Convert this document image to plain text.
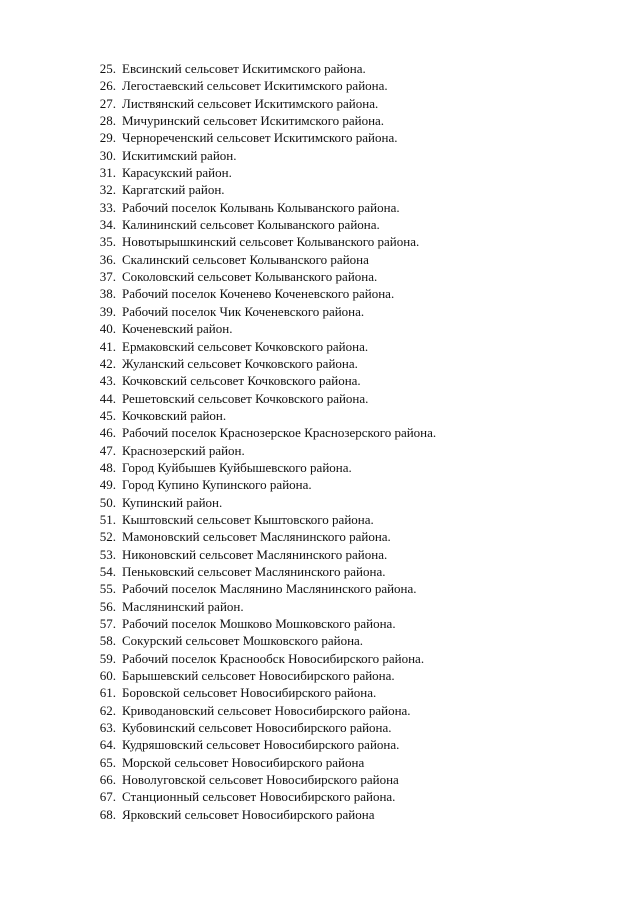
25. Евсинский сельсовет Искитимского района.
26. Легостаевский сельсовет Искитимского района.
27. Листвянский сельсовет Искитимского района.
28. Мичуринский сельсовет Искитимского района.
29. Чернореченский сельсовет Искитимского района.
30. Искитимский район.
31. Карасукский район.
32. Каргатский район.
33. Рабочий поселок Колывань Колыванского района.
34. Калининский сельсовет Колыванского района.
35. Новотырышкинский сельсовет Колыванского района.
36. Скалинский сельсовет Колыванского района
37. Соколовский сельсовет Колыванского района.
38. Рабочий поселок Коченево Коченевского района.
39. Рабочий поселок Чик Коченевского района.
40. Коченевский район.
41. Ермаковский сельсовет Кочковского района.
42. Жуланский сельсовет Кочковского района.
43. Кочковский сельсовет Кочковского района.
44. Решетовский сельсовет Кочковского района.
45. Кочковский район.
46. Рабочий поселок Краснозерское Краснозерского района.
47. Краснозерский район.
48. Город Куйбышев Куйбышевского района.
49. Город Купино Купинского района.
50. Купинский район.
51. Кыштовский сельсовет Кыштовского района.
52. Мамоновский сельсовет Маслянинского района.
53. Никоновский сельсовет Маслянинского района.
54. Пеньковский сельсовет Маслянинского района.
55. Рабочий поселок Маслянино Маслянинского района.
56. Маслянинский район.
57. Рабочий поселок Мошково Мошковского района.
58. Сокурский сельсовет Мошковского района.
59. Рабочий поселок Краснообск Новосибирского района.
60. Барышевский сельсовет Новосибирского района.
61. Боровской сельсовет Новосибирского района.
62. Криводановский сельсовет Новосибирского района.
63. Кубовинский сельсовет Новосибирского района.
64. Кудряшовский сельсовет Новосибирского района.
65. Морской сельсовет Новосибирского района
66. Новолуговской сельсовет Новосибирского района
67. Станционный сельсовет Новосибирского района.
68. Ярковский сельсовет Новосибирского района
